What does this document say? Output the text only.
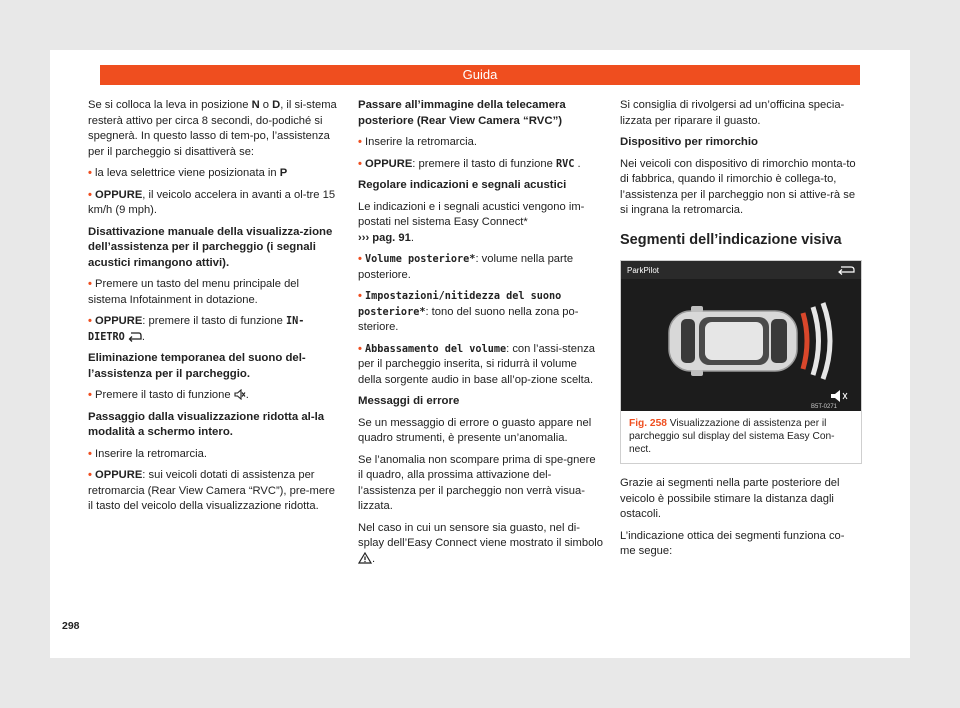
Guida

Se si colloca la leva in posizione N o D, il si-stema resterà attivo per circa 8 secondi, do-podiché si spegnerà. In questo lasso di tem-po, l’assistenza per il parcheggio si disattiverà se:

• la leva selettrice viene posizionata in P

• OPPURE, il veicolo accelera in avanti a ol-tre 15 km/h (9 mph).

Disattivazione manuale della visualizza-zione dell’assistenza per il parcheggio (i segnali acustici rimangono attivi).

• Premere un tasto del menu principale del sistema Infotainment in dotazione.

• OPPURE: premere il tasto di funzione IN-DIETRO .

Eliminazione temporanea del suono del-l’assistenza per il parcheggio.

• Premere il tasto di funzione .

Passaggio dalla visualizzazione ridotta al-la modalità a schermo intero.

• Inserire la retromarcia.

• OPPURE: sui veicoli dotati di assistenza per retromarcia (Rear View Camera “RVC”), pre-mere il tasto del veicolo della visualizzazione ridotta.

Passare all’immagine della telecamera posteriore (Rear View Camera “RVC”)

• Inserire la retromarcia.

• OPPURE: premere il tasto di funzione RVC .

Regolare indicazioni e segnali acustici

Le indicazioni e i segnali acustici vengono im-postati nel sistema Easy Connect*
››› pag. 91.

• Volume posteriore*: volume nella parte posteriore.

• Impostazioni/nitidezza del suono posteriore*: tono del suono nella zona po-steriore.

• Abbassamento del volume: con l’assi-stenza per il parcheggio inserita, si ridurrà il volume della sorgente audio in base all’op-zione scelta.

Messaggi di errore

Se un messaggio di errore o guasto appare nel quadro strumenti, è presente un’anomalia.

Se l’anomalia non scompare prima di spe-gnere il quadro, alla prossima attivazione del-l’assistenza per il parcheggio non verrà visua-lizzata.

Nel caso in cui un sensore sia guasto, nel di-splay dell’Easy Connect viene mostrato il simbolo .

Si consiglia di rivolgersi ad un’officina specia-lizzata per riparare il guasto.

Dispositivo per rimorchio

Nei veicoli con dispositivo di rimorchio monta-to di fabbrica, quando il rimorchio è collega-to, l’assistenza per il parcheggio non si attive-rà se si ingrana la retromarcia.

Segmenti dell’indicazione visiva
ParkPilot
B5T-0271
Fig. 258 Visualizzazione di assistenza per il parcheggio sul display del sistema Easy Con-nect.

Grazie ai segmenti nella parte posteriore del veicolo è possibile stimare la distanza dagli ostacoli.

L’indicazione ottica dei segmenti funziona co-me segue:

298
